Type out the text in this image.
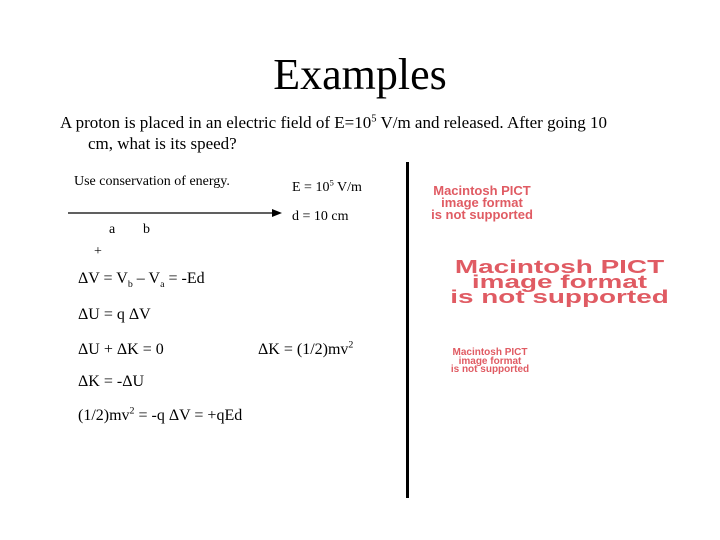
Examples
A proton is placed in an electric field of $E=10^5$ V/m and released. After going 10
cm, what is its speed?
Use conservation of energy.	$E = 10^5$ V/m
d = 10 cm
a b
+
$\Delta V = V_b - V_a = -Ed$
ΔU = q ΔV
ΔU + ΔK = 0	$\Delta K = (1/2)mv^2$
ΔK = -ΔU
$(1/2)mv^2 = -q$ ΔV = +qEd
Macintosh PICT
image format
is not supported
Macintosh PICT
image format
is not supported
Macintosh PICT
image format
is not supported
